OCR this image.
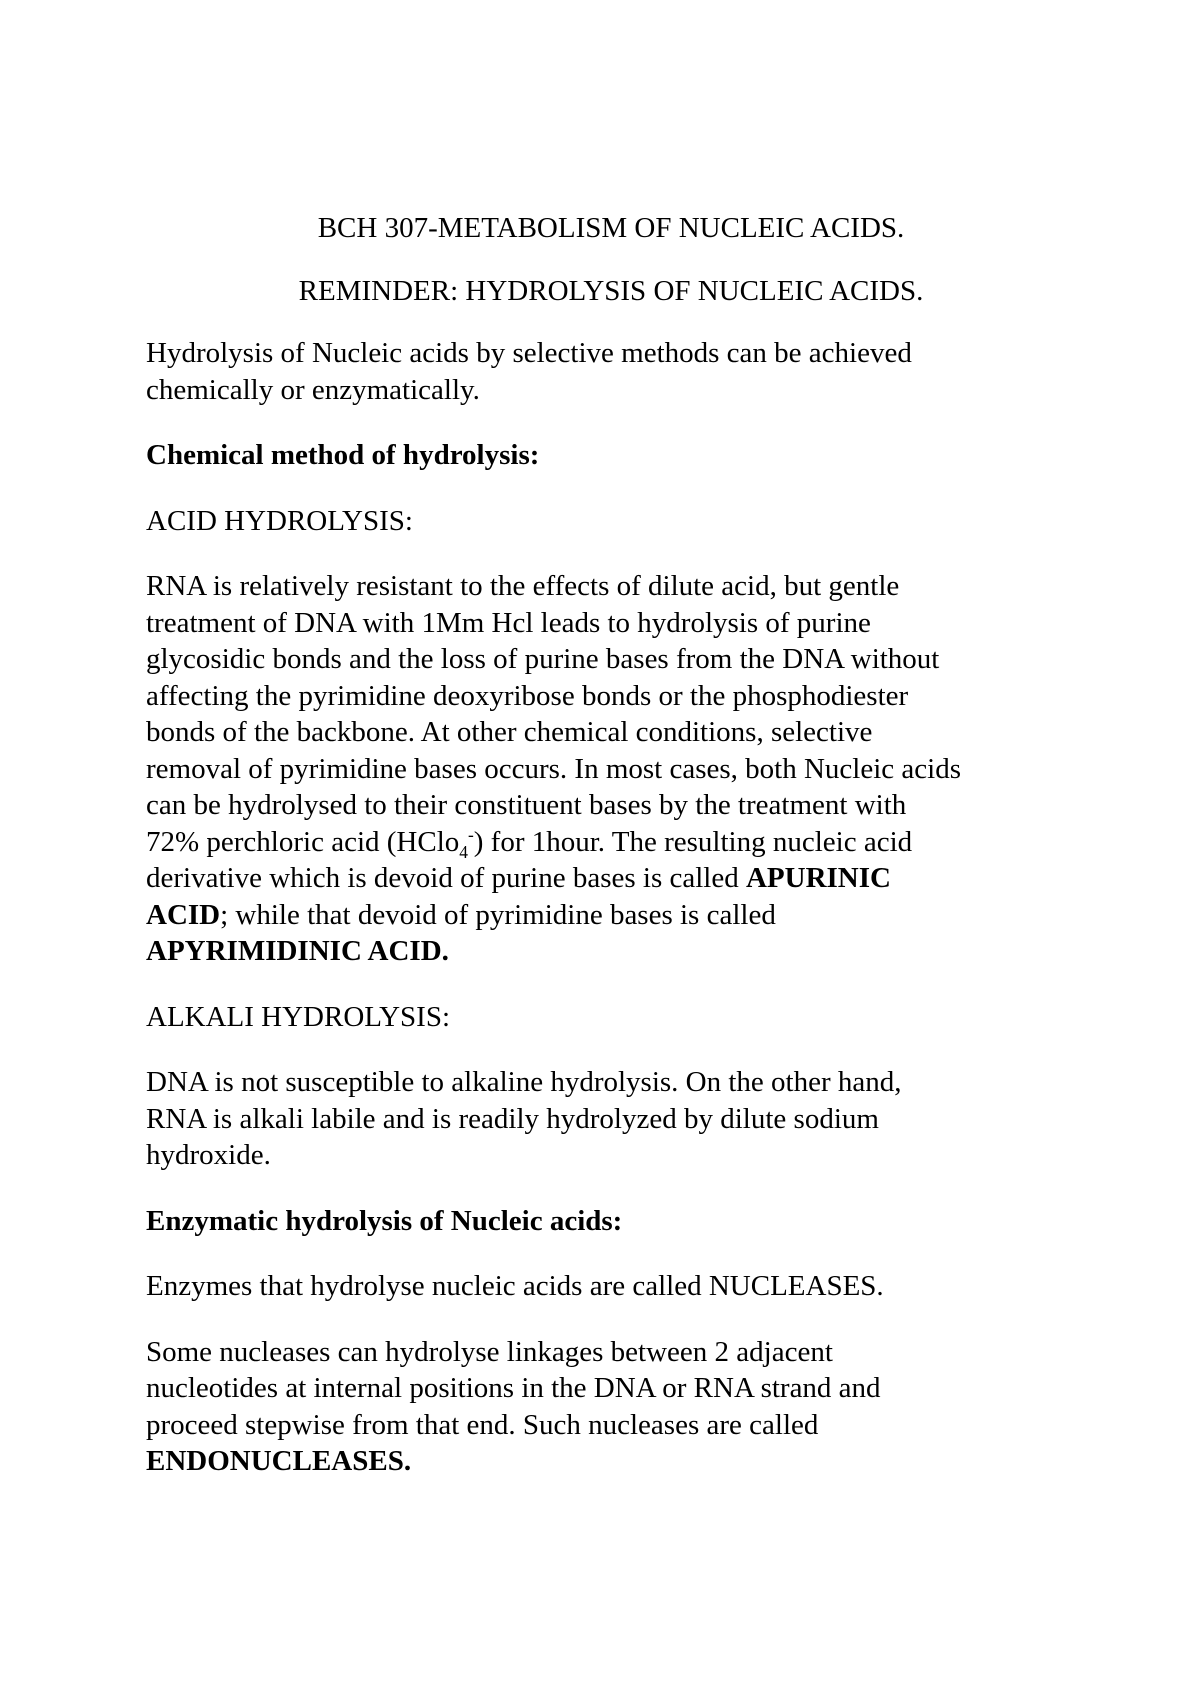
BCH 307-METABOLISM OF NUCLEIC ACIDS.

REMINDER: HYDROLYSIS OF NUCLEIC ACIDS.

Hydrolysis of Nucleic acids by selective methods can be achieved
chemically or enzymatically.

Chemical method of hydrolysis:

ACID HYDROLYSIS:

RNA is relatively resistant to the effects of dilute acid, but gentle
treatment of DNA with 1Mm Hcl leads to hydrolysis of purine
glycosidic bonds and the loss of purine bases from the DNA without
affecting the pyrimidine deoxyribose bonds or the phosphodiester
bonds of the backbone. At other chemical conditions, selective
removal of pyrimidine bases occurs. In most cases, both Nucleic acids
can be hydrolysed to their constituent bases by the treatment with
72% perchloric acid (HClo$_4$-) for 1hour. The resulting nucleic acid
derivative which is devoid of purine bases is called APURINIC
ACID; while that devoid of pyrimidine bases is called
APYRIMIDINIC ACID.

ALKALI HYDROLYSIS:

DNA is not susceptible to alkaline hydrolysis. On the other hand,
RNA is alkali labile and is readily hydrolyzed by dilute sodium
hydroxide.

Enzymatic hydrolysis of Nucleic acids:

Enzymes that hydrolyse nucleic acids are called NUCLEASES.

Some nucleases can hydrolyse linkages between 2 adjacent
nucleotides at internal positions in the DNA or RNA strand and
proceed stepwise from that end. Such nucleases are called
ENDONUCLEASES.
